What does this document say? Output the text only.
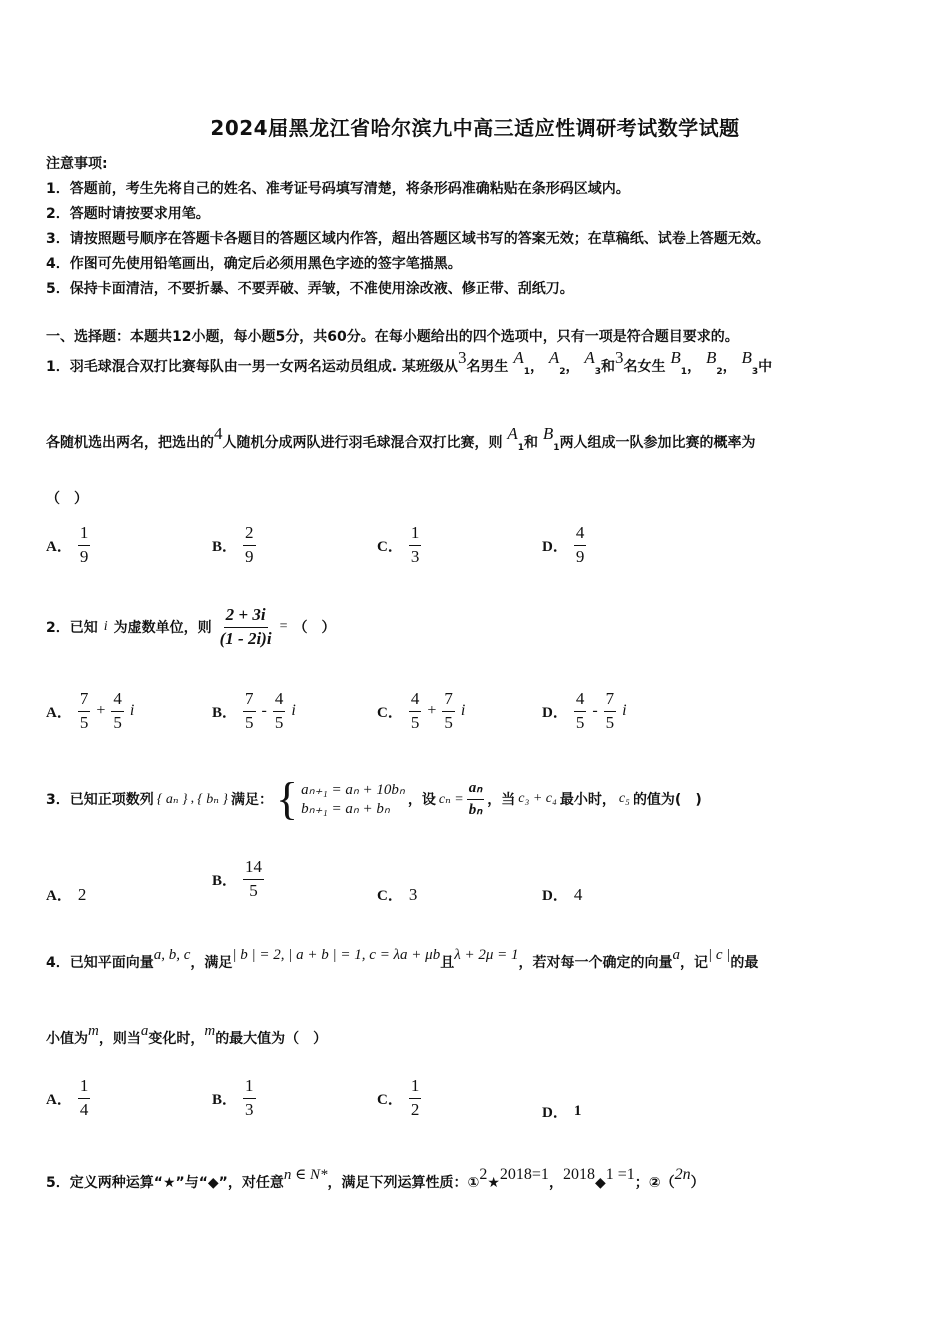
2024届黑龙江省哈尔滨九中高三适应性调研考试数学试题
注意事项:
1．答题前，考生先将自己的姓名、准考证号码填写清楚，将条形码准确粘贴在条形码区域内。
2．答题时请按要求用笔。
3．请按照题号顺序在答题卡各题目的答题区域内作答，超出答题区域书写的答案无效；在草稿纸、试卷上答题无效。
4．作图可先使用铅笔画出，确定后必须用黑色字迹的签字笔描黑。
5．保持卡面清洁，不要折暴、不要弄破、弄皱，不准使用涂改液、修正带、刮纸刀。
一、选择题：本题共12小题，每小题5分，共60分。在每小题给出的四个选项中，只有一项是符合题目要求的。
1．羽毛球混合双打比赛每队由一男一女两名运动员组成. 某班级从3名男生 $A_1$， $A_2$， $A_3$和3名女生 $B_1$， $B_2$， $B_3$中
各随机选出两名，把选出的4人随机分成两队进行羽毛球混合双打比赛，则 $A_1$和 $B_1$两人组成一队参加比赛的概率为
（　）
A． $\frac{1}{9}$	B． $\frac{2}{9}$	C． $\frac{1}{3}$	D． $\frac{4}{9}$
2．已知 i 为虚数单位，则 $\frac{2 + 3i}{(1 - 2i)i}$ = （　）
A． $\frac{7}{5} + \frac{4}{5}$ i	B． $\frac{7}{5} - \frac{4}{5}$ i	C． $\frac{4}{5} + \frac{7}{5}$ i	D． $\frac{4}{5} - \frac{7}{5}$ i
3．已知正项数列 { aₙ } , { bₙ } 满足： { aₙ₊₁ = aₙ + 10bₙ
bₙ₊₁ = aₙ + bₙ
，设 $c_n = \frac{\text{aₙ}}{\text{bₙ}}$ ，当 c₃ + c₄ 最小时， c₅ 的值为(　)
A． 2
B． $\frac{14}{5}$	C． 3	D． 4
4．已知平面向量a, b, c，满足| b | = 2, | a + b | = 1, c = λa + μb且λ + 2μ = 1，若对每一个确定的向量a，记| c |的最
小值为m，则当a变化时，m的最大值为（　）
A． $\frac{1}{4}$	B． $\frac{1}{3}$	C． $\frac{1}{2}$	D． 1
5．定义两种运算“★”与“◆”，对任意n ∈ N*，满足下列运算性质：①2★2018=1，2018◆1 =1；②（2n）
